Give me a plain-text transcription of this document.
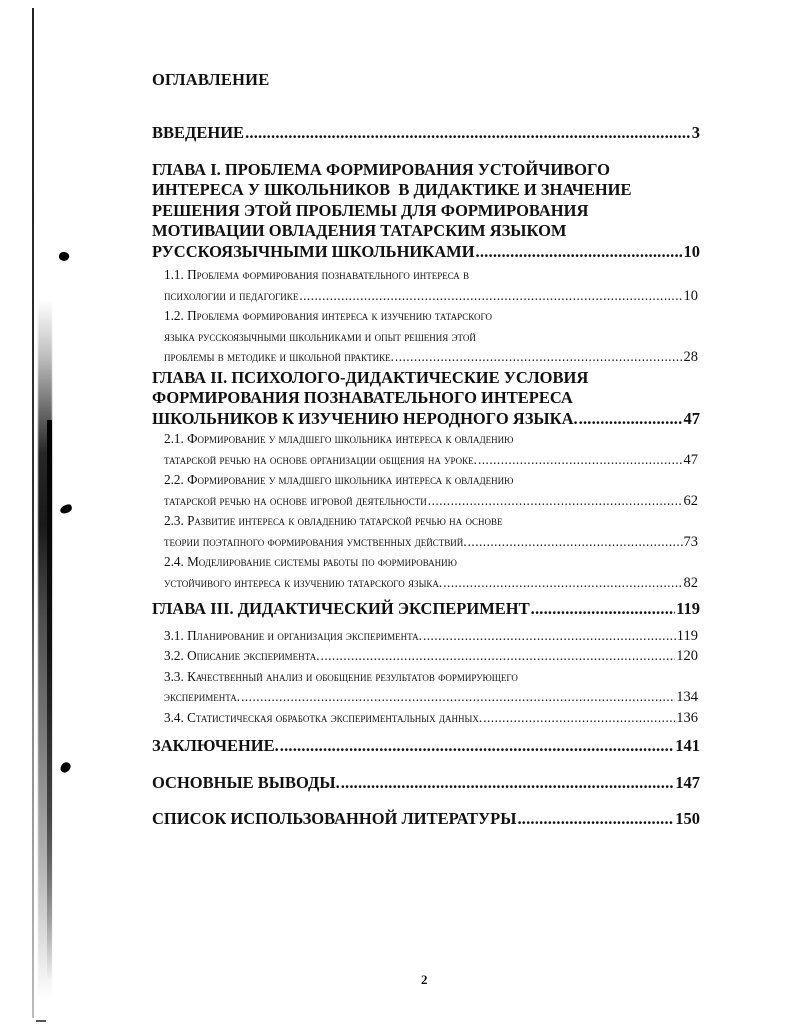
ОГЛАВЛЕНИЕ
ВВЕДЕНИЕ .....	3
ГЛАВА I. ПРОБЛЕМА ФОРМИРОВАНИЯ УСТОЙЧИВОГО
ИНТЕРЕСА У ШКОЛЬНИКОВ  В ДИДАКТИКЕ И ЗНАЧЕНИЕ
РЕШЕНИЯ ЭТОЙ ПРОБЛЕМЫ ДЛЯ ФОРМИРОВАНИЯ
МОТИВАЦИИ ОВЛАДЕНИЯ ТАТАРСКИМ ЯЗЫКОМ
РУССКОЯЗЫЧНЫМИ ШКОЛЬНИКАМИ .....	10
1.1. Проблема формирования познавательного интереса в
психологии и педагогике .....	10
1.2. Проблема формирования интереса к изучению татарского
языка русскоязычными школьниками и опыт решения этой
проблемы в методике и школьной практике. .....	28
ГЛАВА II. ПСИХОЛОГО-ДИДАКТИЧЕСКИЕ УСЛОВИЯ
ФОРМИРОВАНИЯ ПОЗНАВАТЕЛЬНОГО ИНТЕРЕСА
ШКОЛЬНИКОВ К ИЗУЧЕНИЮ НЕРОДНОГО ЯЗЫКА. .....	47
2.1. Формирование у младшего школьника интереса к овладению
татарской речью на основе организации общения на уроке. .....	47
2.2. Формирование у младшего школьника интереса к овладению
татарской речью на основе игровой деятельности .....	62
2.3. Развитие интереса к овладению татарской речью на основе
теории поэтапного формирования умственных действий. .....	73
2.4. Моделирование системы работы по формированию
устойчивого интереса к изучению татарского языка. .....	82
ГЛАВА III. ДИДАКТИЧЕСКИЙ ЭКСПЕРИМЕНТ .....	119
3.1. Планирование и организация эксперимента. .....	119
3.2. Описание эксперимента. .....	120
3.3. Качественный анализ и обобщение результатов формирующего
эксперимента. .....	134
3.4. Статистическая обработка экспериментальных данных. .....	136
ЗАКЛЮЧЕНИЕ. .....	141
ОСНОВНЫЕ ВЫВОДЫ. .....	147
СПИСОК ИСПОЛЬЗОВАННОЙ ЛИТЕРАТУРЫ .....	150
2
